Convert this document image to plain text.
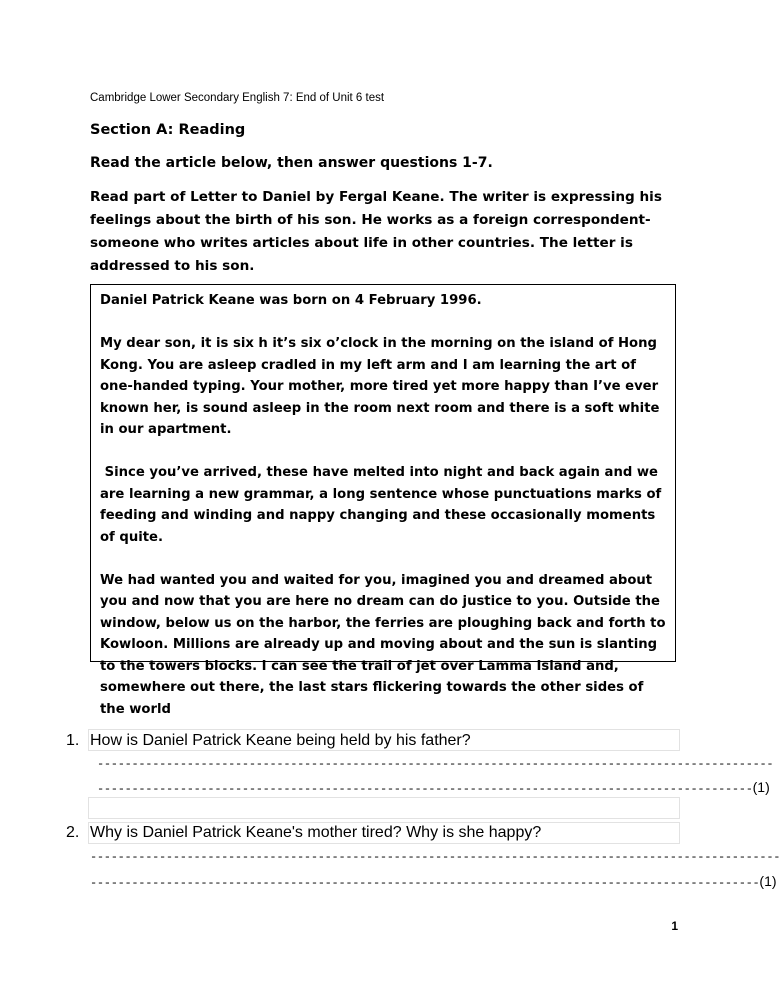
Cambridge Lower Secondary English 7: End of Unit 6 test
Section A: Reading
Read the article below, then answer questions 1-7.
Read part of Letter to Daniel by Fergal Keane. The writer is expressing his feelings about the birth of his son. He works as a foreign correspondent-someone who writes articles about life in other countries. The letter is addressed to his son.

Daniel Patrick Keane was born on 4 February 1996.

My dear son, it is six h it’s six o’clock in the morning on the island of Hong Kong. You are asleep cradled in my left arm and I am learning the art of one-handed typing. Your mother, more tired yet more happy than I’ve ever known her, is sound asleep in the room next room and there is a soft white in our apartment.

Since you’ve arrived, these have melted into night and back again and we are learning a new grammar, a long sentence whose punctuations marks of feeding and winding and nappy changing and these occasionally moments of quite.

We had wanted you and waited for you, imagined you and dreamed about you and now that you are here no dream can do justice to you. Outside the window, below us on the harbor, the ferries are ploughing back and forth to Kowloon. Millions are already up and moving about and the sun is slanting to the towers blocks. I can see the trail of jet over Lamma Island and, somewhere out there, the last stars flickering towards the other sides of the world

1. How is Daniel Patrick Keane being held by his father?
--------------------------------------------------------------------------------------------------
-----------------------------------------------------------------------------------------------(1)
2. Why is Daniel Patrick Keane's mother tired? Why is she happy?
----------------------------------------------------------------------------------------------------
-------------------------------------------------------------------------------------------------(1)
1
